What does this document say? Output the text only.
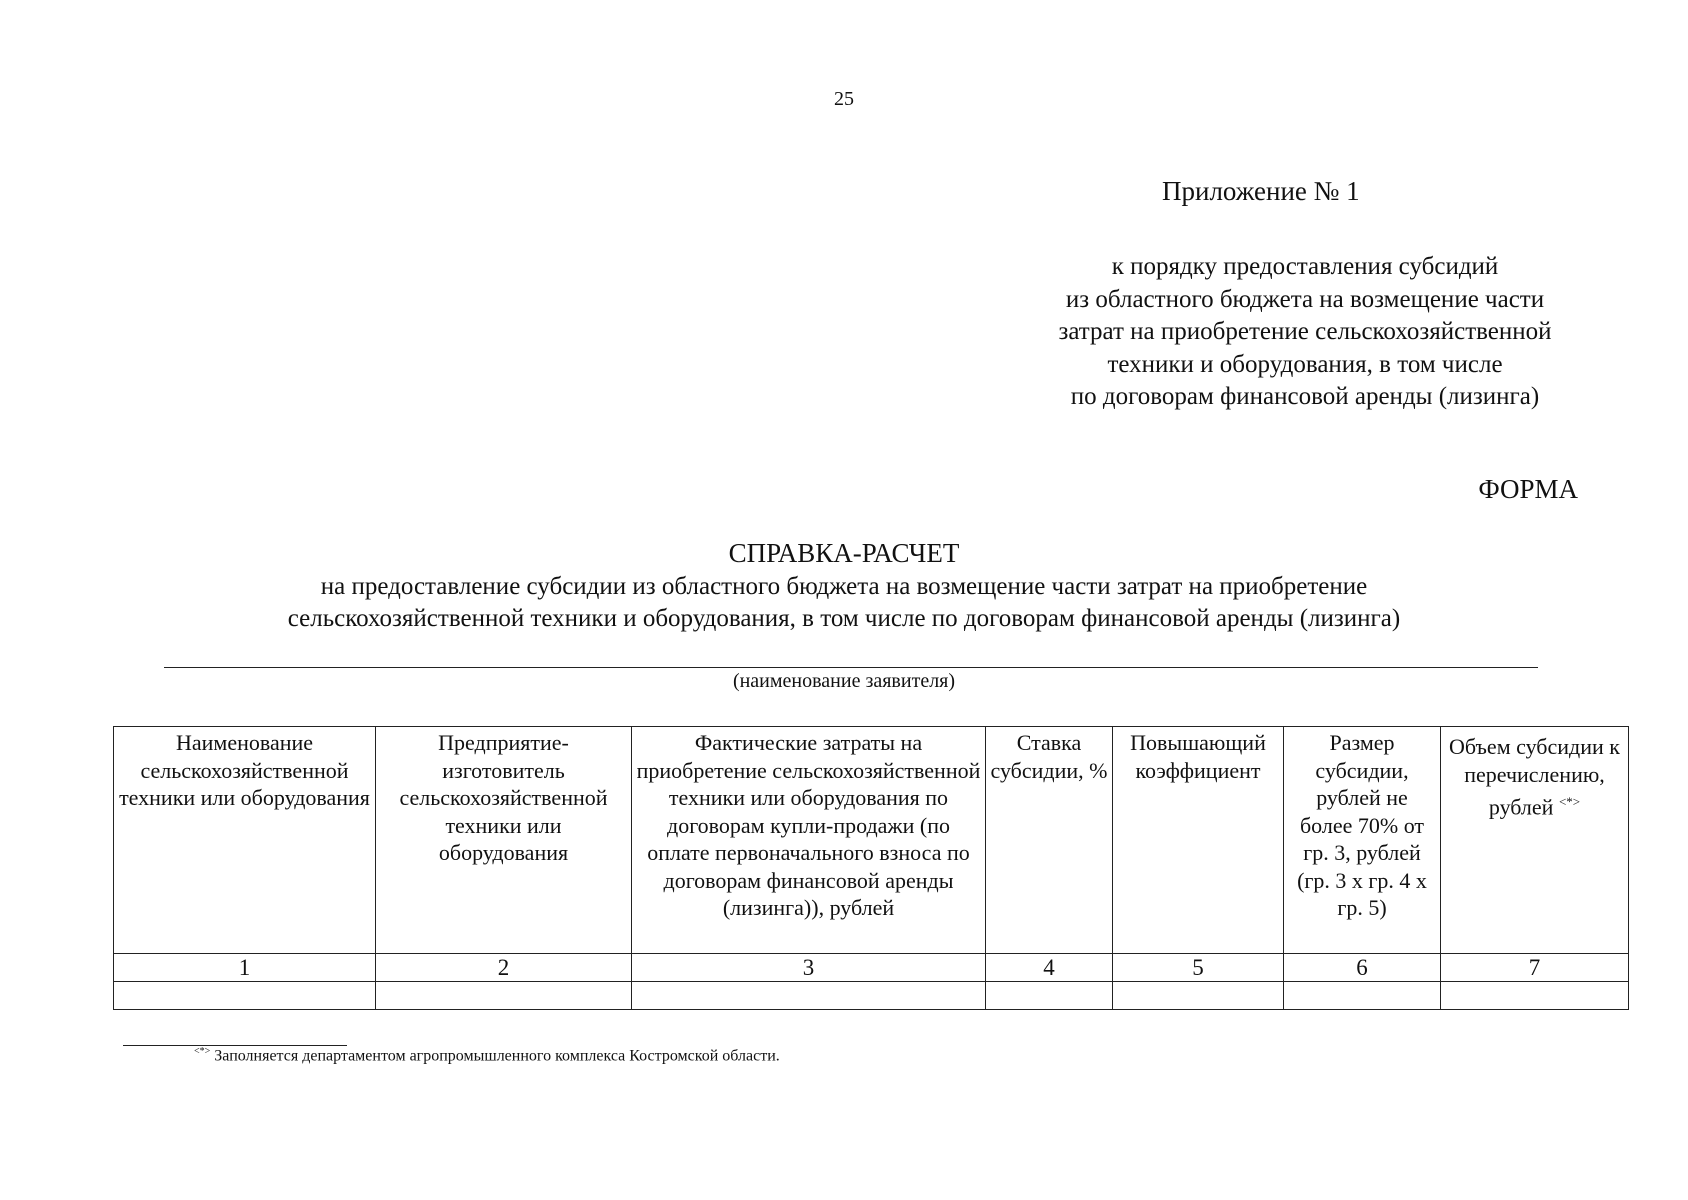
25
Приложение № 1
к порядку предоставления субсидий
из областного бюджета на возмещение части
затрат на приобретение сельскохозяйственной
техники и оборудования, в том числе
по договорам финансовой аренды (лизинга)
ФОРМА
СПРАВКА-РАСЧЕТ
на предоставление субсидии из областного бюджета на возмещение части затрат на приобретение
сельскохозяйственной техники и оборудования, в том числе по договорам финансовой аренды (лизинга)
(наименование заявителя)
Наименование сельскохозяйственной техники или оборудования	Предприятие-изготовитель сельскохозяйственной техники или оборудования	Фактические затраты на приобретение сельскохозяйственной техники или оборудования по договорам купли-продажи (по оплате первоначального взноса по договорам финансовой аренды (лизинга)), рублей	Ставка субсидии, %	Повышающий коэффициент	Размер субсидии, рублей не более 70% от гр. 3, рублей (гр. 3 х гр. 4 х гр. 5)	Объем субсидии к перечислению, рублей <*>
1	2	3	4	5	6	7

<*> Заполняется департаментом агропромышленного комплекса Костромской области.
